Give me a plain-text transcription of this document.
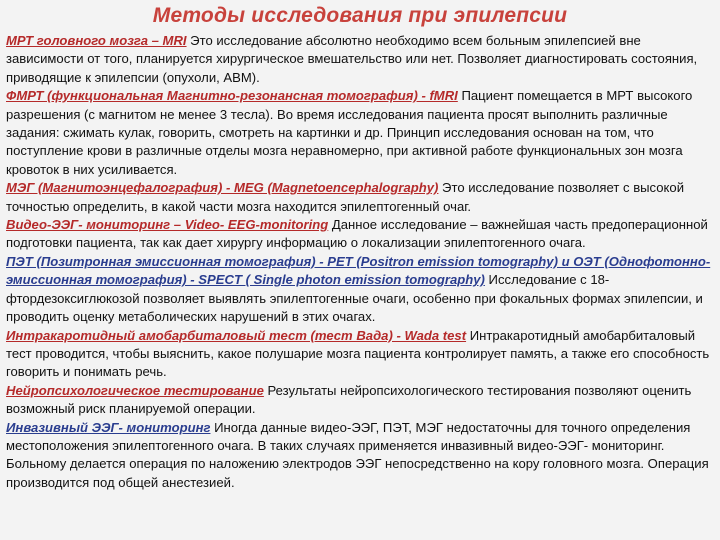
Методы исследования при эпилепсии

МРТ головного мозга – MRI Это исследование абсолютно необходимо всем больным эпилепсией вне зависимости от того, планируется хирургическое вмешательство или нет. Позволяет диагностировать состояния, приводящие к эпилепсии (опухоли, АВМ).

ФМРТ (функциональная Магнитно-резонансная томография) - fMRI Пациент помещается в МРТ высокого разрешения (с магнитом не менее 3 тесла). Во время исследования пациента просят выполнить различные задания: сжимать кулак, говорить, смотреть на картинки и др. Принцип исследования основан на том, что поступление крови в различные отделы мозга неравномерно, при активной работе функциональных зон мозга кровоток в них усиливается.

МЭГ (Магнитоэнцефалография) - MEG (Magnetoencephalography) Это исследование позволяет с высокой точностью определить, в какой части мозга находится эпилептогенный очаг.

Видео-ЭЭГ- мониторинг – Video- EEG-monitoring Данное исследование – важнейшая часть предоперационной подготовки пациента, так как дает хирургу информацию о локализации эпилептогенного очага.

ПЭТ (Позитронная эмиссионная томография) - PET (Positron emission tomography) и ОЭТ (Однофотонно-эмиссионная томография) - SPECT ( Single photon emission tomography) Исследование с 18-фтордезоксиглюкозой позволяет выявлять эпилептогенные очаги, особенно при фокальных формах эпилепсии, и проводить оценку метаболических нарушений в этих очагах.

Интракаротидный амобарбиталовый тест (тест Вада) - Wada test Интракаротидный амобарбиталовый тест проводится, чтобы выяснить, какое полушарие мозга пациента контролирует память, а также его способность говорить и понимать речь.

Нейропсихологическое тестирование Результаты нейропсихологического тестирования позволяют оценить возможный риск планируемой операции.

Инвазивный ЭЭГ- мониторинг Иногда данные видео-ЭЭГ, ПЭТ, МЭГ недостаточны для точного определения местоположения эпилептогенного очага. В таких случаях применяется инвазивный видео-ЭЭГ- мониторинг. Больному делается операция по наложению электродов ЭЭГ непосредственно на кору головного мозга. Операция производится под общей анестезией.
